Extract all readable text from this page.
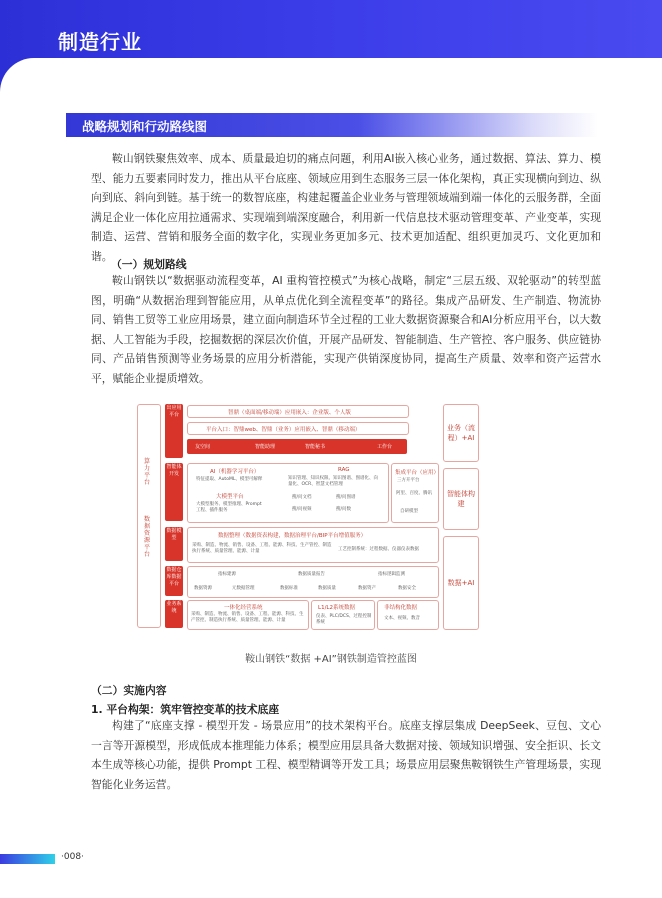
制造行业
战略规划和行动路线图

鞍山钢铁聚焦效率、成本、质量最迫切的痛点问题，利用AI嵌入核心业务，通过数据、算法、算力、模型、能力五要素同时发力，推出从平台底座、领域应用到生态服务三层一体化架构，真正实现横向到边、纵向到底、斜向到链。基于统一的数智底座，构建起覆盖企业业务与管理领域端到端一体化的云服务群，全面满足企业一体化应用拉通需求、实现端到端深度融合，利用新一代信息技术驱动管理变革、产业变革，实现制造、运营、营销和服务全面的数字化，实现业务更加多元、技术更加适配、组织更加灵巧、文化更加和谐。

（一）规划路线

鞍山钢铁以“数据驱动流程变革，AI 重构管控模式”为核心战略，制定“三层五级、双轮驱动”的转型蓝图，明确“从数据治理到智能应用，从单点优化到全流程变革”的路径。集成产品研发、生产制造、物流协同、销售工贸等工业应用场景，建立面向制造环节全过程的工业大数据资源聚合和AI分析应用平台，以大数据、人工智能为手段，挖掘数据的深层次价值，开展产品研发、智能制造、生产管控、客户服务、供应链协同、产品销售预测等业务场景的应用分析潜能，实现产供销深度协同，提高生产质量、效率和资产运营水平，赋能企业提质增效。

算力平台
数据资源平台
出应用平台	智鼎（桌面端/移动端）应用嵌入：企业版、个人版
平台入口：智鼎web、智鼎（业务）应用嵌入、智鼎（移动端）
友空间	智能助理	智能秘书	工作台
智能体开发	AI（机器学习平台）
特征提取、AutoML、模型可解释
大模型平台
大模型服务、模型推理、Prompt工程、插件服务
RAG
知识管理、知识权限、知识图谱、图谱化、向量化、OCR、智慧文档管理
搜/问文档	搜/问图谱
搜/问视频	搜/问数
集成平台（应用）
三方开平台
阿里、百度、腾讯
自研模型
数据模型	数据整理（数据资表构建，数据治理平台/BIP平台增值服务）
采购、制造、物流、销售、设备、工程、能源、科技、生产管控、制造执行系统、质量管理、能源、计量	工艺控制系统：过程数据、仪器仪表数据
数据仓库数据平台
指标建源	数据质量报告	指标逻辑监测
数据资源	元数据管理	数据标准	数据质量	数据资产	数据安全
业务系统	一体化经营系统
采购、制造、物流、销售、设备、工程、能源、科技、生产管控、制造执行系统、质量管理、能源、计量
L1/L2系统数据
仪表、PLC/DCS、过程控制系统
非结构化数据
文本、视频、数音
业务（流程）+AI
智能体构建
数据+AI
鞍山钢铁“数据 +AI”钢铁制造管控蓝图
（二）实施内容
1. 平台构架：筑牢管控变革的技术底座

构建了“底座支撑 - 模型开发 - 场景应用”的技术架构平台。底座支撑层集成 DeepSeek、豆包、文心一言等开源模型，形成低成本推理能力体系；模型应用层具备大数据对接、领域知识增强、安全拒识、长文本生成等核心功能，提供 Prompt 工程、模型精调等开发工具；场景应用层聚焦鞍钢铁生产管理场景，实现智能化业务运营。

·008·
